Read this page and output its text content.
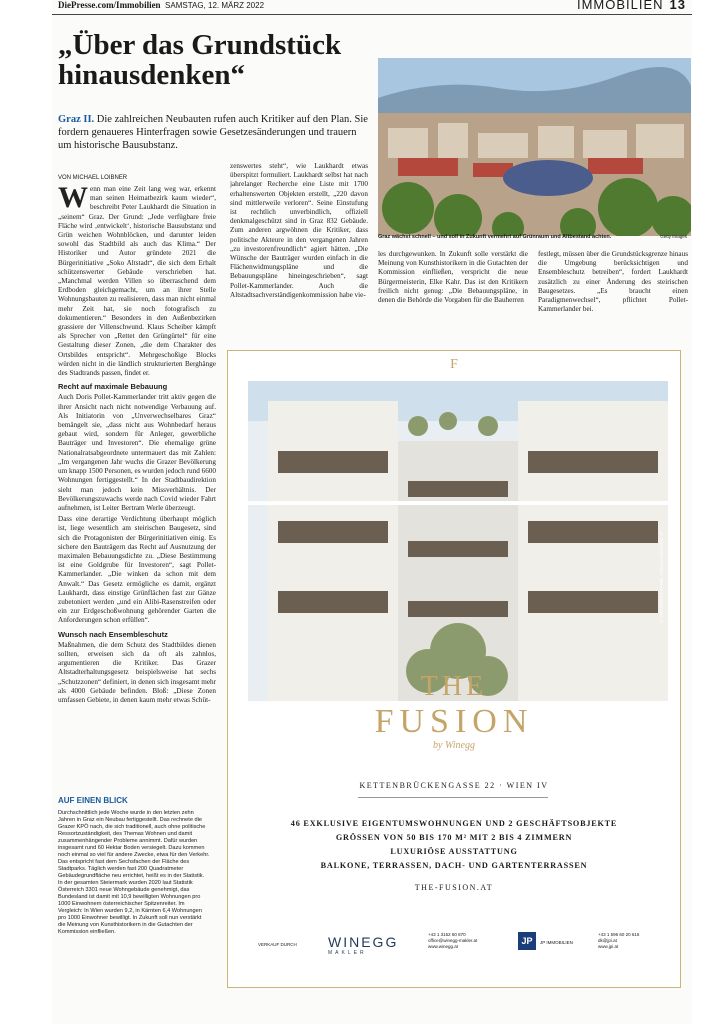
DiePresse.com/Immobilien SAMSTAG, 12. MÄRZ 2022	IMMOBILIEN 13
„Über das Grundstück hinausdenken“
Graz II. Die zahlreichen Neubauten rufen auch Kritiker auf den Plan. Sie fordern genaueres Hinterfragen sowie Gesetzesänderungen und trauern um historische Bausubstanz.
Graz wächst schnell – und soll in Zukunft vermehrt auf Grünraum und Altbestand achten.	Getty Images
VON MICHAEL LOIBNER

Wenn man eine Zeit lang weg war, erkennt man seinen Heimatbezirk kaum wieder“, beschreibt Peter Laukhardt die Situation in „seinem“ Graz. Der Grund: „Jede verfügbare freie Fläche wird ‚entwickelt‘, historische Bausubstanz und Grün weichen Wohnblöcken, und darunter leiden sowohl das Stadtbild als auch das Klima.“ Der Historiker und Autor gründete 2021 die Bürgerinitiative „Soko Altstadt“, die sich dem Erhalt schützenswerter Gebäude verschrieben hat. „Manchmal werden Villen so überraschend dem Erdboden gleichgemacht, um an ihrer Stelle Wohnungsbauten zu realisieren, dass man nicht einmal mehr Zeit hat, sie noch fotografisch zu dokumentieren.“ Besonders in den Außenbezirken grassiere der Villenschwund. Klaus Scheiber kämpft als Sprecher von „Rettet den Grüngürtel“ für eine Gestaltung dieser Zonen, „die dem Charakter des Ortsbildes entspricht“. Mehrgeschoßige Blocks würden nicht in die ländlich strukturierten Berghänge des Stadtrands passen, findet er.

Recht auf maximale Bebauung

Auch Doris Pollet-Kammerlander tritt aktiv gegen die ihrer Ansicht nach nicht notwendige Verbauung auf. Als Initiatorin von „Unverwechselbares Graz“ bemängelt sie, „dass nicht aus Wohnbedarf heraus gebaut wird, sondern für Anleger, gewerbliche Bauträger und Investoren“. Die ehemalige grüne Nationalratsabgeordnete untermauert das mit Zahlen: „Im vergangenen Jahr wuchs die Grazer Bevölkerung um knapp 1500 Personen, es wurden jedoch rund 6600 Wohnungen fertiggestellt.“ In der Stadtbaudirektion sieht man jedoch kein Missverhältnis. Der Bevölkerungszuwachs werde nach Covid wieder Fahrt aufnehmen, ist Leiter Bertram Werle überzeugt.

Dass eine derartige Verdichtung überhaupt möglich ist, liege wesentlich am steirischen Baugesetz, sind sich die Protagonisten der Bürgerinitiativen einig. Es sichere den Bauträgern das Recht auf Ausnutzung der maximalen Bebauungsdichte zu. „Diese Bestimmung ist eine Goldgrube für Investoren“, sagt Pollet-Kammerlander. „Die winken da schon mit dem Anwalt.“ Das Gesetz ermögliche es damit, ergänzt Laukhardt, dass einstige Grünflächen fast zur Gänze zubetoniert werden „und ein Alibi-Rasenstreifen oder ein zur Erdgeschoßwohnung gehörender Garten die Anforderungen schon erfüllen“.

Wunsch nach Ensembleschutz

Maßnahmen, die dem Schutz des Stadtbildes dienen sollten, erweisen sich da oft als zahnlos, argumentieren die Kritiker. Das Grazer Altstadterhaltungsgesetz beispielsweise hat sechs „Schutzzonen“ definiert, in denen sich insgesamt mehr als 4000 Gebäude befinden. Bloß: „Diese Zonen umfassen Gebiete, in denen kaum mehr etwas Schüt-

zenswertes steht“, wie Laukhardt etwas überspitzt formuliert. Laukhardt selbst hat nach jahrelanger Recherche eine Liste mit 1700 erhaltenswerten Objekten erstellt, „220 davon sind mittlerweile verloren“. Seine Einstufung ist rechtlich unverbindlich, offiziell denkmalgeschützt sind in Graz 832 Gebäude. Zum anderen argwöhnen die Kritiker, dass politische Akteure in den vergangenen Jahren „zu investorenfreundlich“ agiert hätten. „Die Wünsche der Bauträger wurden einfach in die Flächenwidmungspläne und die Bebauungspläne hineingeschrieben“, sagt Pollet-Kammerlander. Auch die Altstadtsachverständigenkommission habe vie-

les durchgewunken. In Zukunft solle verstärkt die Meinung von Kunsthistorikern in die Gutachten der Kommission einfließen, verspricht die neue Bürgermeisterin, Elke Kahr. Das ist den Kritikern freilich nicht genug: „Die Bebauungspläne, in denen die Behörde die Vorgaben für die Bauherren

festlegt, müssen über die Grundstücksgrenze hinaus die Umgebung berücksichtigen und Ensembleschutz betreiben“, fordert Laukhardt zusätzlich zu einer Änderung des steirischen Baugesetzes. „Es braucht einen Paradigmenwechsel“, pflichtet Pollet-Kammerlander bei.

AUF EINEN BLICK
Durchschnittlich jede Woche wurde in den letzten zehn Jahren in Graz ein Neubau fertiggestellt. Das rechnete die Grazer KPÖ nach, die sich traditionell, auch ohne politische Ressortzuständigkeit, des Themas Wohnen und damit zusammenhängender Probleme annimmt. Dafür wurden insgesamt rund 60 Hektar Boden versiegelt. Dazu kommen noch einmal so viel für andere Zwecke, etwa für den Verkehr. Das entspricht fast dem Sechsfachen der Fläche des Stadtparks. Täglich werden fast 200 Quadratmeter Gebäudegrundfläche neu errichtet, heißt es in der Statistik. In der gesamten Steiermark wurden 2020 laut Statistik Österreich 3301 neue Wohngebäude genehmigt, das Bundesland ist damit mit 10,9 bewilligten Wohnungen pro 1000 Einwohnern österreichischer Spitzenreiter. Im Vergleich: In Wien wurden 9,2, in Kärnten 6,4 Wohnungen pro 1000 Einwohner bewilligt. In Zukunft soll nun verstärkt die Meinung von Kunsthistorikern in die Gutachten der Kommission einfließen.
© ARCHITEKT PHWB, VISUALISIERUNG JP
F
THE
FUSION
by Winegg
KETTENBRÜCKENGASSE 22 · WIEN IV
46 EXKLUSIVE EIGENTUMSWOHNUNGEN UND 2 GESCHÄFTSOBJEKTE
GRÖSSEN VON 50 BIS 170 M² MIT 2 BIS 4 ZIMMERN
LUXURIÖSE AUSSTATTUNG
BALKONE, TERRASSEN, DACH- UND GARTENTERRASSEN
THE-FUSION.AT
VERKAUF DURCH WINEGG
MAKLER
+43 1 3152 60 870
office@winegg-makler.at
www.winegg.at
JP	JP IMMOBILIEN
+43 1 596 60 20 616
dk@jpi.at
www.jpi.at
